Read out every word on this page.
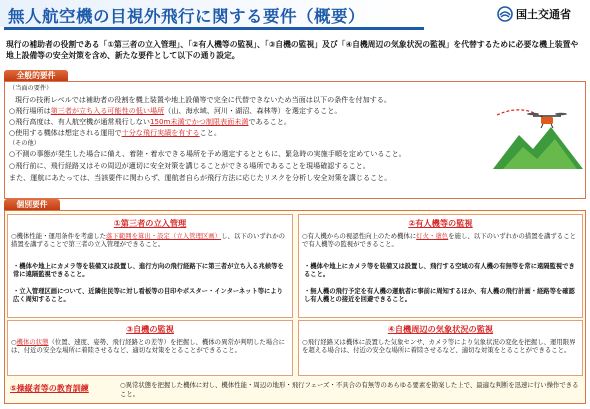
無人航空機の目視外飛行に関する要件（概要）	国土交通省
現行の補助者の役割である「①第三者の立入管理」、「②有人機等の監視」、「③自機の監視」及び「④自機周辺の気象状況の監視」を代替するために必要な機上装置や地上設備等の安全対策を含め、新たな要件として以下の通り設定。
全般的要件
（当面の要件）
現行の技術レベルでは補助者の役割を機上装置や地上設備等で完全に代替できないため当面は以下の条件を付加する。
○飛行場所は第三者が立ち入る可能性の低い場所（山、海水域、河川・湖沼、森林等）を選定すること。
○飛行高度は、有人航空機が通常飛行しない150m未満でかつ制限表面未満であること。
○使用する機体は想定される運用で十分な飛行実績を有すること。
（その他）
○不測の事態が発生した場合に備え、着陸・着水できる場所を予め選定するとともに、緊急時の実施手順を定めていること。
○飛行前に、飛行経路又はその周辺が適切に安全対策を講じることができる場所であることを現場確認すること。
また、運航にあたっては、当該要件に関わらず、運航者自らが飛行方法に応じたリスクを分析し安全対策を講じること。
個別要件
①第三者の立入管理
○機体性能・運用条件を考慮した落下範囲を算出・設定（立入管理区画）し、以下のいずれかの措置を講ずることで第三者の立入管理ができること。
・機体や地上にカメラ等を装備又は設置し、進行方向の飛行経路下に第三者が立ち入る兆候等を常に遠隔監視できること。
・立入管理区画について、近隣住民等に対し看板等の目印やポスター・インターネット等により広く周知すること。
②有人機等の監視
○有人機からの視認性向上のため機体に灯火・塗色を施し、以下のいずれかの措置を講ずることで有人機等の監視ができること。
・機体や地上にカメラ等を装備又は設置し、飛行する空域の有人機の有無等を常に遠隔監視できること。
・無人機の飛行予定を有人機の運航者に事前に周知するほか、有人機の飛行計画・経路等を確認し有人機との接近を回避できること。
③自機の監視
○機体の状態（位置、速度、姿勢、飛行経路との差等）を把握し、機体の異常が判明した場合には、付近の安全な場所に着陸させるなど、適切な対策をとることができること。
④自機周辺の気象状況の監視
○飛行経路又は機体に設置した気象センサ、カメラ等により気象状況の変化を把握し、運用限界を超える場合は、付近の安全な場所に着陸させるなど、適切な対策をとることができること。
⑤操縦者等の教育訓練	○異常状態を把握した機体に対し、機体性能・周辺の地形・飛行フェーズ・不具合の有無等のあらゆる要素を勘案した上で、最適な判断を迅速に行い操作できること。
